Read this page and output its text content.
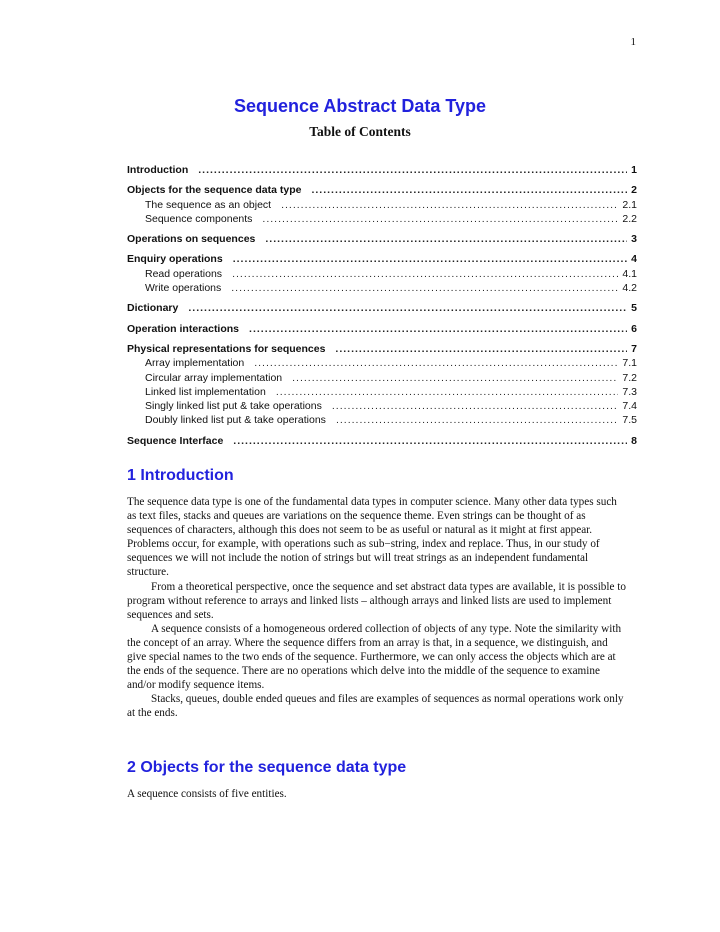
1
Sequence Abstract Data Type
Table of Contents
Introduction .....	1
Objects for the sequence data type .....	2
The sequence as an object .....	2.1
Sequence components .....	2.2
Operations on sequences .....	3
Enquiry operations .....	4
Read operations .....	4.1
Write operations .....	4.2
Dictionary .....	5
Operation interactions .....	6
Physical representations for sequences .....	7
Array implementation .....	7.1
Circular array implementation .....	7.2
Linked list implementation .....	7.3
Singly linked list put & take operations .....	7.4
Doubly linked list put & take operations .....	7.5
Sequence Interface .....	8
1 Introduction

The sequence data type is one of the fundamental data types in computer science. Many other data types such as text files, stacks and queues are variations on the sequence theme. Even strings can be thought of as sequences of characters, although this does not seem to be as useful or natural as it might at first appear. Problems occur, for example, with operations such as sub−string, index and replace. Thus, in our study of sequences we will not include the notion of strings but will treat strings as an independent fundamental structure.

From a theoretical perspective, once the sequence and set abstract data types are available, it is possible to program without reference to arrays and linked lists – although arrays and linked lists are used to implement sequences and sets.

A sequence consists of a homogeneous ordered collection of objects of any type. Note the similarity with the concept of an array. Where the sequence differs from an array is that, in a sequence, we distinguish, and give special names to the two ends of the sequence. Furthermore, we can only access the objects which are at the ends of the sequence. There are no operations which delve into the middle of the sequence to examine and/or modify sequence items.

Stacks, queues, double ended queues and files are examples of sequences as normal operations work only at the ends.

2 Objects for the sequence data type

A sequence consists of five entities.
